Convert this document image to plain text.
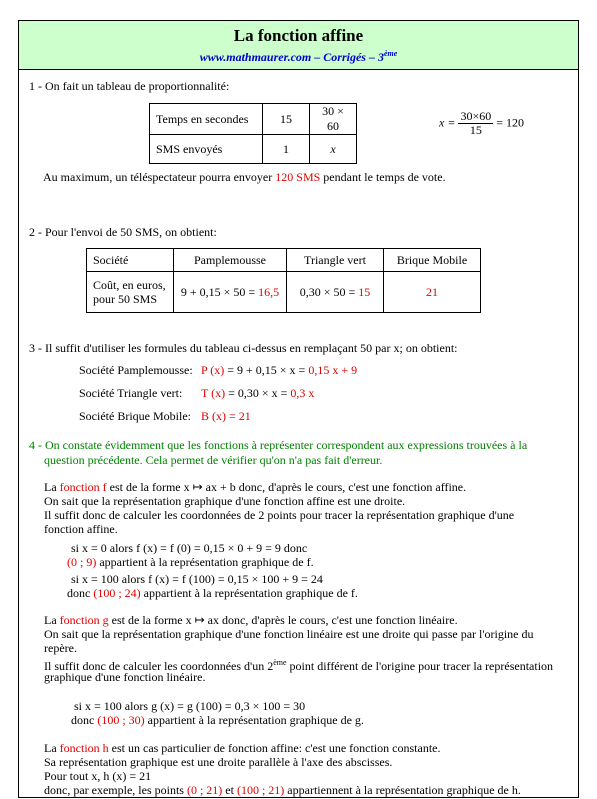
La fonction affine
www.mathmaurer.com – Corrigés – 3ème
1 - On fait un tableau de proportionnalité:
Temps en secondes	15	30 × 60
SMS envoyés	1	x
$x = \frac{30\times 60}{15} = 120$
Au maximum, un téléspectateur pourra envoyer 120 SMS pendant le temps de vote.
2 - Pour l'envoi de 50 SMS, on obtient:
Société	Pamplemousse	Triangle vert	Brique Mobile

Coût, en euros,
pour 50 SMS	9 + 0,15 × 50 = 16,5	0,30 × 50 = 15	21
3 - Il suffit d'utiliser les formules du tableau ci-dessus en remplaçant 50 par x; on obtient:
Société Pamplemousse: P (x) = 9 + 0,15 × x = 0,15 x + 9
Société Triangle vert: T (x) = 0,30 × x = 0,3 x
Société Brique Mobile: B (x) = 21
4 - On constate évidemment que les fonctions à représenter correspondent aux expressions trouvées à la
question précédente. Cela permet de vérifier qu'on n'a pas fait d'erreur.
La fonction f est de la forme x ↦ ax + b donc, d'après le cours, c'est une fonction affine.
On sait que la représentation graphique d'une fonction affine est une droite.
Il suffit donc de calculer les coordonnées de 2 points pour tracer la représentation graphique d'une
fonction affine.
si x = 0 alors f (x) = f (0) = 0,15 × 0 + 9 = 9 donc
(0 ; 9) appartient à la représentation graphique de f.
si x = 100 alors f (x) = f (100) = 0,15 × 100 + 9 = 24
donc (100 ; 24) appartient à la représentation graphique de f.
La fonction g est de la forme x ↦ ax donc, d'après le cours, c'est une fonction linéaire.
On sait que la représentation graphique d'une fonction linéaire est une droite qui passe par l'origine du
repère.
Il suffit donc de calculer les coordonnées d'un 2ème point différent de l'origine pour tracer la représentation
graphique d'une fonction linéaire.
si x = 100 alors g (x) = g (100) = 0,3 × 100 = 30
donc (100 ; 30) appartient à la représentation graphique de g.
La fonction h est un cas particulier de fonction affine: c'est une fonction constante.
Sa représentation graphique est une droite parallèle à l'axe des abscisses.
Pour tout x, h (x) = 21
donc, par exemple, les points (0 ; 21) et (100 ; 21) appartiennent à la représentation graphique de h.
